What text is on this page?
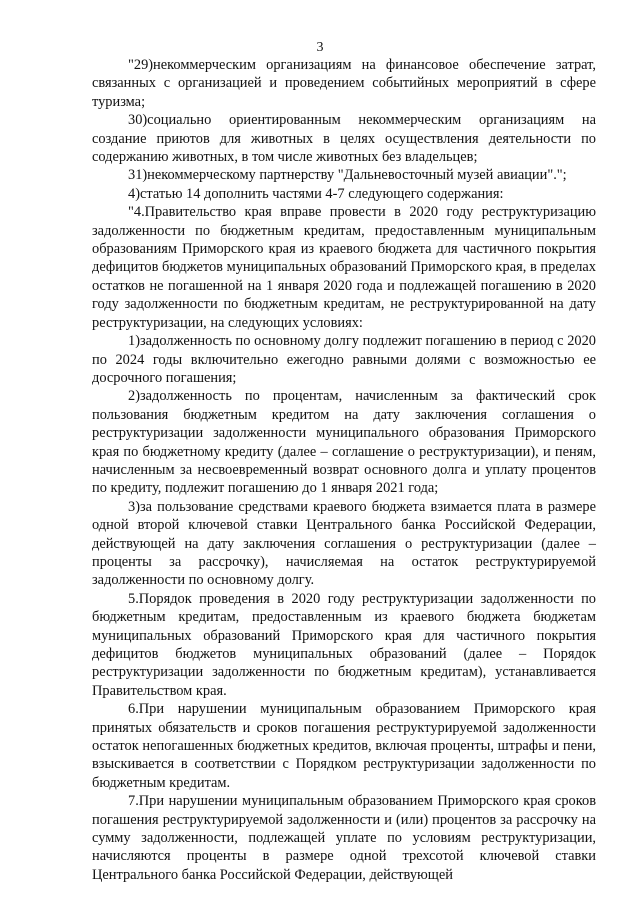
3

"29)некоммерческим организациям на финансовое обеспечение затрат, связанных с организацией и проведением событийных мероприятий в сфере туризма;

30)социально ориентированным некоммерческим организациям на создание приютов для животных в целях осуществления деятельности по содержанию животных, в том числе животных без владельцев;

31)некоммерческому партнерству "Дальневосточный музей авиации".";

4)статью 14 дополнить частями 4-7 следующего содержания:

"4.Правительство края вправе провести в 2020 году реструктуризацию задолженности по бюджетным кредитам, предоставленным муниципальным образованиям Приморского края из краевого бюджета для частичного покрытия дефицитов бюджетов муниципальных образований Приморского края, в пределах остатков не погашенной на 1 января 2020 года и подлежащей погашению в 2020 году задолженности по бюджетным кредитам, не реструктурированной на дату реструктуризации, на следующих условиях:

1)задолженность по основному долгу подлежит погашению в период с 2020 по 2024 годы включительно ежегодно равными долями с возможностью ее досрочного погашения;

2)задолженность по процентам, начисленным за фактический срок пользования бюджетным кредитом на дату заключения соглашения о реструктуризации задолженности муниципального образования Приморского края по бюджетному кредиту (далее – соглашение о реструктуризации), и пеням, начисленным за несвоевременный возврат основного долга и уплату процентов по кредиту, подлежит погашению до 1 января 2021 года;

3)за пользование средствами краевого бюджета взимается плата в размере одной второй ключевой ставки Центрального банка Российской Федерации, действующей на дату заключения соглашения о реструктуризации (далее – проценты за рассрочку), начисляемая на остаток реструктурируемой задолженности по основному долгу.

5.Порядок проведения в 2020 году реструктуризации задолженности по бюджетным кредитам, предоставленным из краевого бюджета бюджетам муниципальных образований Приморского края для частичного покрытия дефицитов бюджетов муниципальных образований (далее – Порядок реструктуризации задолженности по бюджетным кредитам), устанавливается Правительством края.

6.При нарушении муниципальным образованием Приморского края принятых обязательств и сроков погашения реструктурируемой задолженности остаток непогашенных бюджетных кредитов, включая проценты, штрафы и пени, взыскивается в соответствии с Порядком реструктуризации задолженности по бюджетным кредитам.

7.При нарушении муниципальным образованием Приморского края сроков погашения реструктурируемой задолженности и (или) процентов за рассрочку на сумму задолженности, подлежащей уплате по условиям реструктуризации, начисляются проценты в размере одной трехсотой ключевой ставки Центрального банка Российской Федерации, действующей
